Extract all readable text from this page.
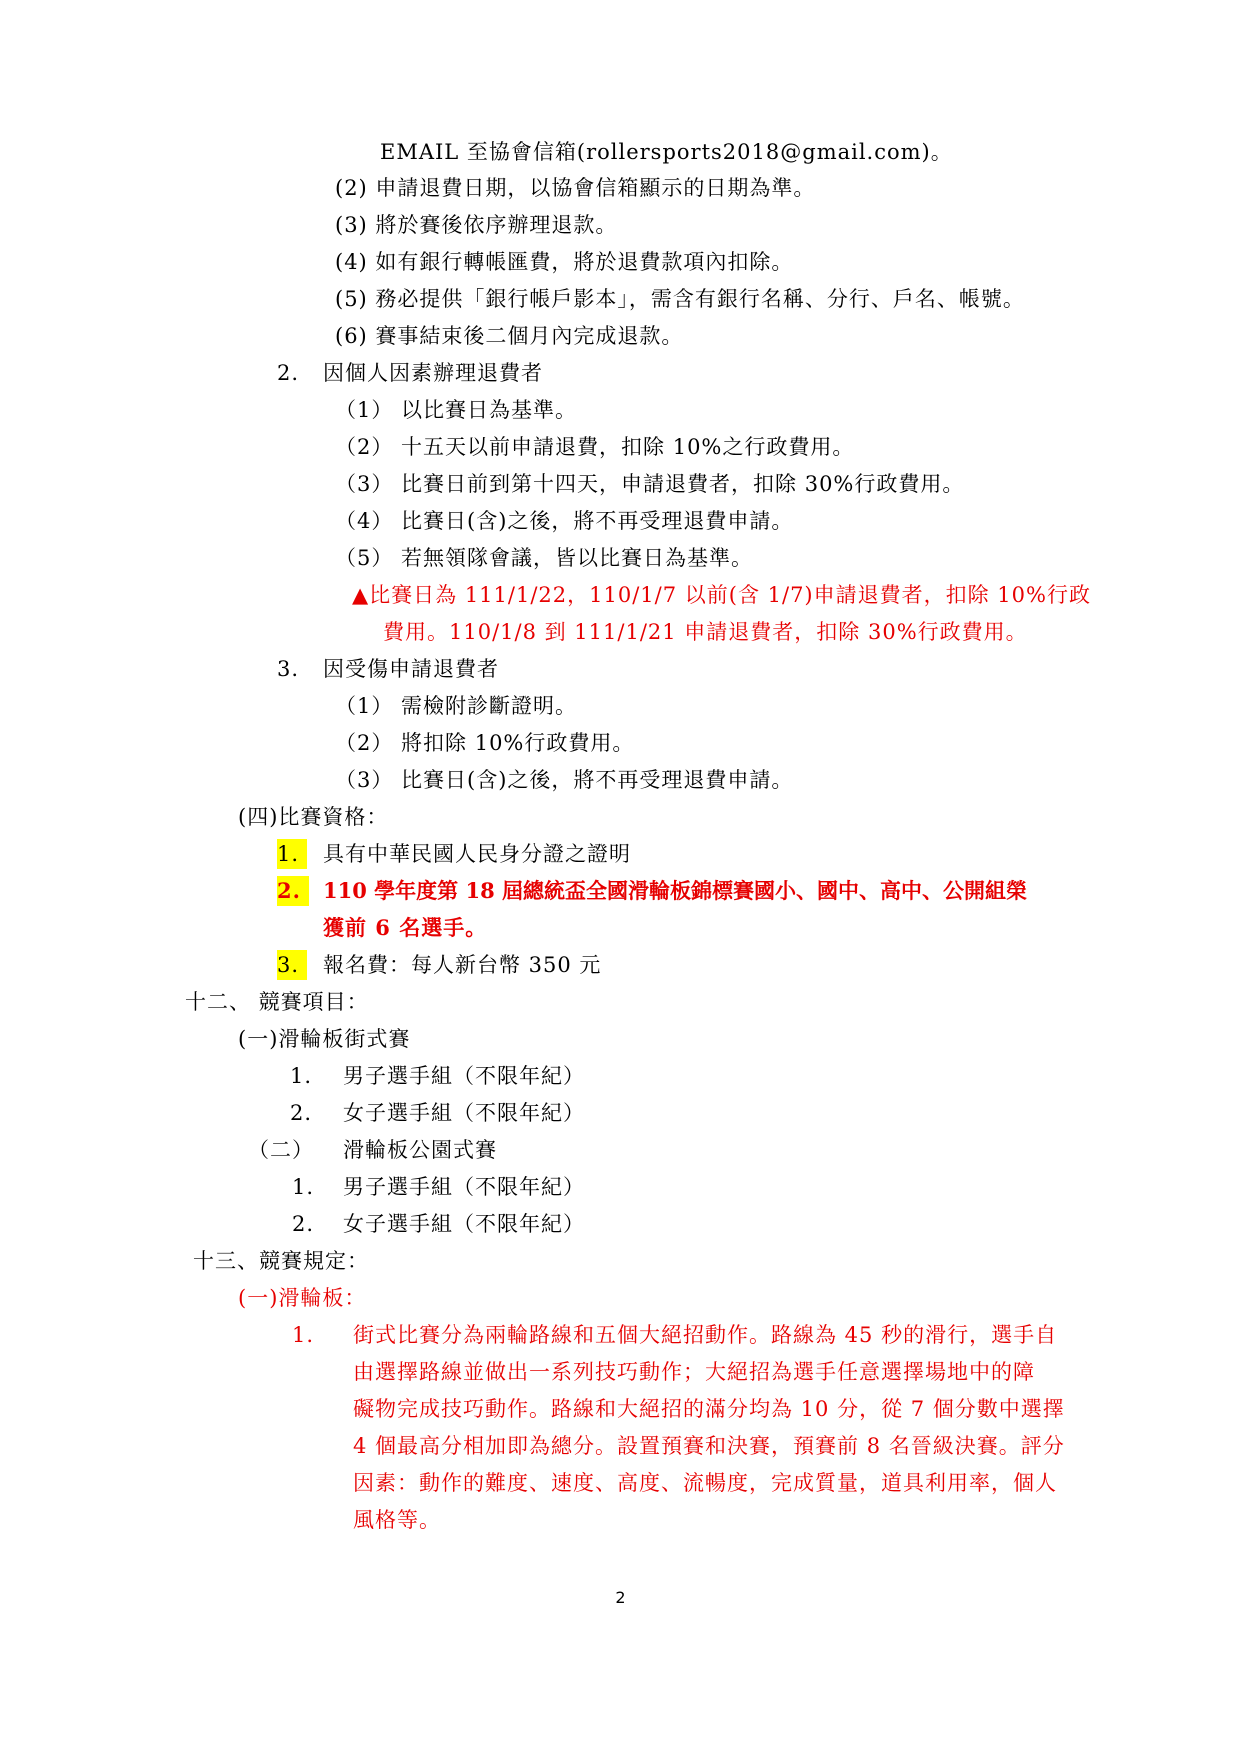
EMAIL 至協會信箱(rollersports2018@gmail.com)。
(2) 申請退費日期，以協會信箱顯示的日期為準。
(3) 將於賽後依序辦理退款。
(4) 如有銀行轉帳匯費，將於退費款項內扣除。
(5) 務必提供「銀行帳戶影本」，需含有銀行名稱、分行、戶名、帳號。
(6) 賽事結束後二個月內完成退款。
2. 因個人因素辦理退費者
（1） 以比賽日為基準。
（2） 十五天以前申請退費，扣除 10%之行政費用。
（3） 比賽日前到第十四天，申請退費者，扣除 30%行政費用。
（4） 比賽日(含)之後，將不再受理退費申請。
（5） 若無領隊會議，皆以比賽日為基準。
▲比賽日為 111/1/22，110/1/7 以前(含 1/7)申請退費者，扣除 10%行政
費用。110/1/8 到 111/1/21 申請退費者，扣除 30%行政費用。
3. 因受傷申請退費者
（1） 需檢附診斷證明。
（2） 將扣除 10%行政費用。
（3） 比賽日(含)之後，將不再受理退費申請。
(四)比賽資格：
1.	具有中華民國人民身分證之證明
2.	110 學年度第 18 屆總統盃全國滑輪板錦標賽國小、國中、高中、公開組榮
獲前 6 名選手。
3.	報名費：每人新台幣 350 元
十二、 競賽項目：
(一)滑輪板街式賽
1. 男子選手組（不限年紀）
2. 女子選手組（不限年紀）
（二） 滑輪板公園式賽
1. 男子選手組（不限年紀）
2. 女子選手組（不限年紀）
十三、競賽規定：
(一)滑輪板：
1. 街式比賽分為兩輪路線和五個大絕招動作。路線為 45 秒的滑行，選手自
由選擇路線並做出一系列技巧動作；大絕招為選手任意選擇場地中的障
礙物完成技巧動作。路線和大絕招的滿分均為 10 分，從 7 個分數中選擇
4 個最高分相加即為總分。設置預賽和決賽，預賽前 8 名晉級決賽。評分
因素：動作的難度、速度、高度、流暢度，完成質量，道具利用率，個人
風格等。
2
